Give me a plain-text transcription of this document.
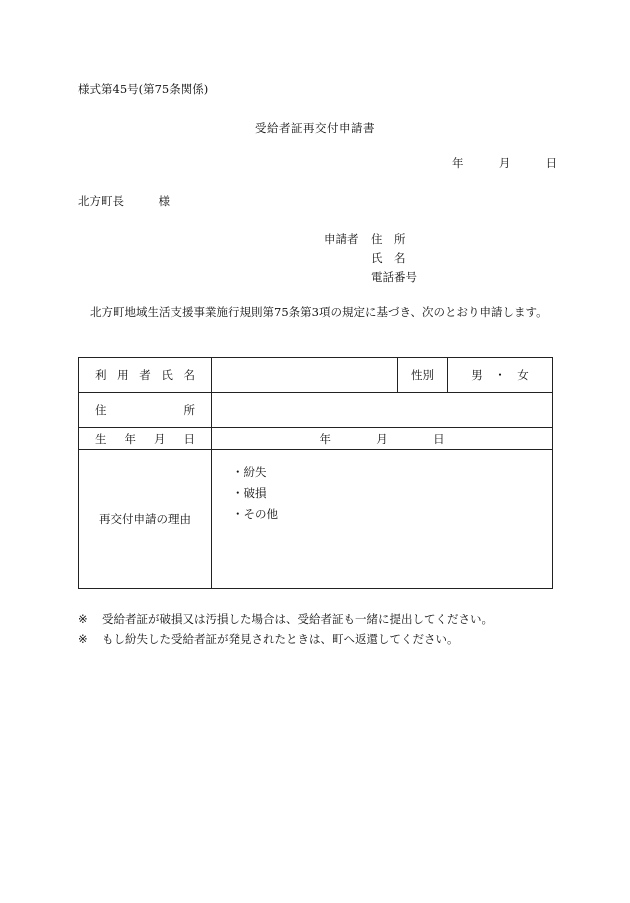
様式第45号(第75条関係)
受給者証再交付申請書
年	月	日
北方町長　　　様
申請者 住　所
氏　名
電話番号
北方町地域生活支援事業施行規則第75条第3項の規定に基づき、次のとおり申請します。
利 用 者 氏 名		性別	男　・　女

住 所			

生 年 月 日	年 月 日		
再交付申請の理由	・紛失
・破損
・その他		
※ 受給者証が破損又は汚損した場合は、受給者証も一緒に提出してください。
※ もし紛失した受給者証が発見されたときは、町へ返還してください。
